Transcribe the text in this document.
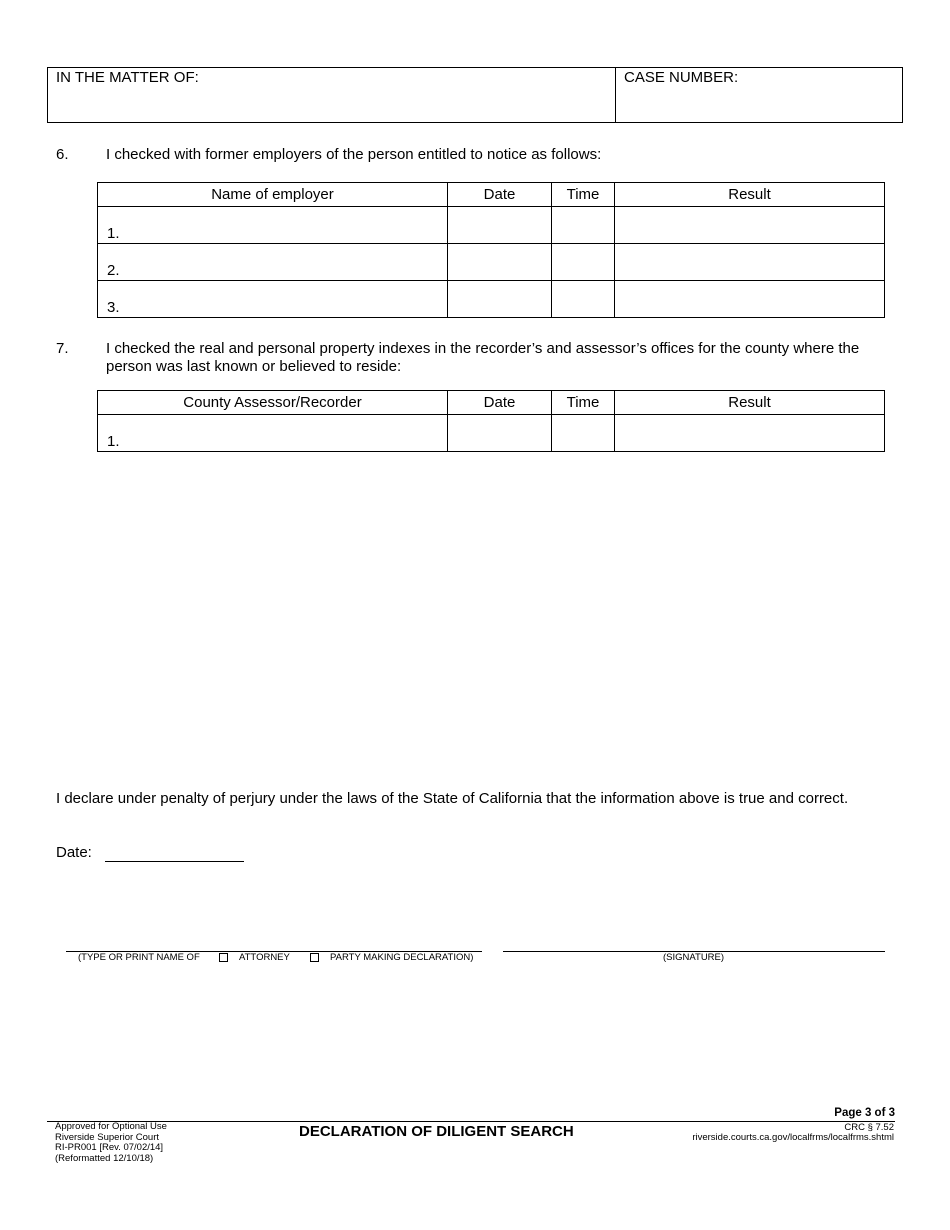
IN THE MATTER OF:	CASE NUMBER:
6. I checked with former employers of the person entitled to notice as follows:
Name of employer	Date	Time	Result
1.			
2.			
3.			
7. I checked the real and personal property indexes in the recorder’s and assessor’s offices for the county where the person was last known or believed to reside:
County Assessor/Recorder	Date	Time	Result
1.			
I declare under penalty of perjury under the laws of the State of California that the information above is true and correct.
Date:
(TYPE OR PRINT NAME OF	ATTORNEY	PARTY MAKING DECLARATION)	(SIGNATURE)
Page 3 of 3
Approved for Optional Use
Riverside Superior Court
RI-PR001 [Rev. 07/02/14]
(Reformatted 12/10/18)
DECLARATION OF DILIGENT SEARCH	CRC § 7.52
riverside.courts.ca.gov/localfrms/localfrms.shtml
